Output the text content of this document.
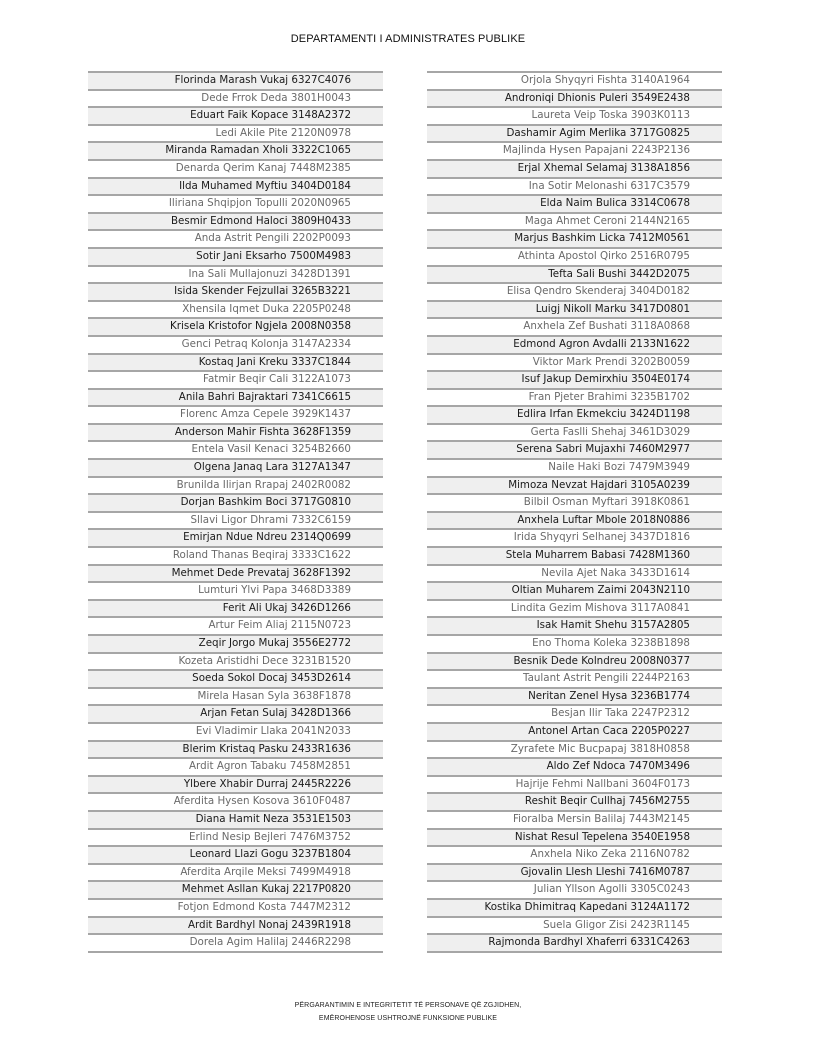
DEPARTAMENTI I ADMINISTRATES PUBLIKE
Florinda Marash Vukaj 6327C4076
Dede Frrok Deda 3801H0043
Eduart Faik Kopace 3148A2372
Ledi Akile Pite 2120N0978
Miranda Ramadan Xholi 3322C1065
Denarda Qerim Kanaj 7448M2385
Ilda Muhamed Myftiu 3404D0184
Iliriana Shqipjon Topulli 2020N0965
Besmir Edmond Haloci 3809H0433
Anda Astrit Pengili 2202P0093
Sotir Jani Eksarho 7500M4983
Ina Sali Mullajonuzi 3428D1391
Isida Skender Fejzullai 3265B3221
Xhensila Iqmet Duka 2205P0248
Krisela Kristofor Ngjela 2008N0358
Genci Petraq Kolonja 3147A2334
Kostaq Jani Kreku 3337C1844
Fatmir Beqir Cali 3122A1073
Anila Bahri Bajraktari 7341C6615
Florenc Amza Cepele 3929K1437
Anderson Mahir Fishta 3628F1359
Entela Vasil Kenaci 3254B2660
Olgena Janaq Lara 3127A1347
Brunilda Ilirjan Rrapaj 2402R0082
Dorjan Bashkim Boci 3717G0810
Sllavi Ligor Dhrami 7332C6159
Emirjan Ndue Ndreu 2314Q0699
Roland Thanas Beqiraj 3333C1622
Mehmet Dede Prevataj 3628F1392
Lumturi Ylvi Papa 3468D3389
Ferit Ali Ukaj 3426D1266
Artur Feim Aliaj 2115N0723
Zeqir Jorgo Mukaj 3556E2772
Kozeta Aristidhi Dece 3231B1520
Soeda Sokol Docaj 3453D2614
Mirela Hasan Syla 3638F1878
Arjan Fetan Sulaj 3428D1366
Evi Vladimir Llaka 2041N2033
Blerim Kristaq Pasku 2433R1636
Ardit Agron Tabaku 7458M2851
Ylbere Xhabir Durraj 2445R2226
Aferdita Hysen Kosova 3610F0487
Diana Hamit Neza 3531E1503
Erlind Nesip Bejleri 7476M3752
Leonard Llazi Gogu 3237B1804
Aferdita Arqile Meksi 7499M4918
Mehmet Asllan Kukaj 2217P0820
Fotjon Edmond Kosta 7447M2312
Ardit Bardhyl Nonaj 2439R1918
Dorela Agim Halilaj 2446R2298
Orjola Shyqyri Fishta 3140A1964
Androniqi Dhionis Puleri 3549E2438
Laureta Veip Toska 3903K0113
Dashamir Agim Merlika 3717G0825
Majlinda Hysen Papajani 2243P2136
Erjal Xhemal Selamaj 3138A1856
Ina Sotir Melonashi 6317C3579
Elda Naim Bulica 3314C0678
Maga Ahmet Ceroni 2144N2165
Marjus Bashkim Licka 7412M0561
Athinta Apostol Qirko 2516R0795
Tefta Sali Bushi 3442D2075
Elisa Qendro Skenderaj 3404D0182
Luigj Nikoll Marku 3417D0801
Anxhela Zef Bushati 3118A0868
Edmond Agron Avdalli 2133N1622
Viktor Mark Prendi 3202B0059
Isuf Jakup Demirxhiu 3504E0174
Fran Pjeter Brahimi 3235B1702
Edlira Irfan Ekmekciu 3424D1198
Gerta Faslli Shehaj 3461D3029
Serena Sabri Mujaxhi 7460M2977
Naile Haki Bozi 7479M3949
Mimoza Nevzat Hajdari 3105A0239
Bilbil Osman Myftari 3918K0861
Anxhela Luftar Mbole 2018N0886
Irida Shyqyri Selhanej 3437D1816
Stela Muharrem Babasi 7428M1360
Nevila Ajet Naka 3433D1614
Oltian Muharem Zaimi 2043N2110
Lindita Gezim Mishova 3117A0841
Isak Hamit Shehu 3157A2805
Eno Thoma Koleka 3238B1898
Besnik Dede Kolndreu 2008N0377
Taulant Astrit Pengili 2244P2163
Neritan Zenel Hysa 3236B1774
Besjan Ilir Taka 2247P2312
Antonel Artan Caca 2205P0227
Zyrafete Mic Bucpapaj 3818H0858
Aldo Zef Ndoca 7470M3496
Hajrije Fehmi Nallbani 3604F0173
Reshit Beqir Cullhaj 7456M2755
Fioralba Mersin Balilaj 7443M2145
Nishat Resul Tepelena 3540E1958
Anxhela Niko Zeka 2116N0782
Gjovalin Llesh Lleshi 7416M0787
Julian Yllson Agolli 3305C0243
Kostika Dhimitraq Kapedani 3124A1172
Suela Gligor Zisi 2423R1145
Rajmonda Bardhyl Xhaferri 6331C4263
PËRGARANTIMIN E INTEGRITETIT TË PERSONAVE QË ZGJIDHEN,
EMËROHENOSE USHTROJNË FUNKSIONE PUBLIKE
